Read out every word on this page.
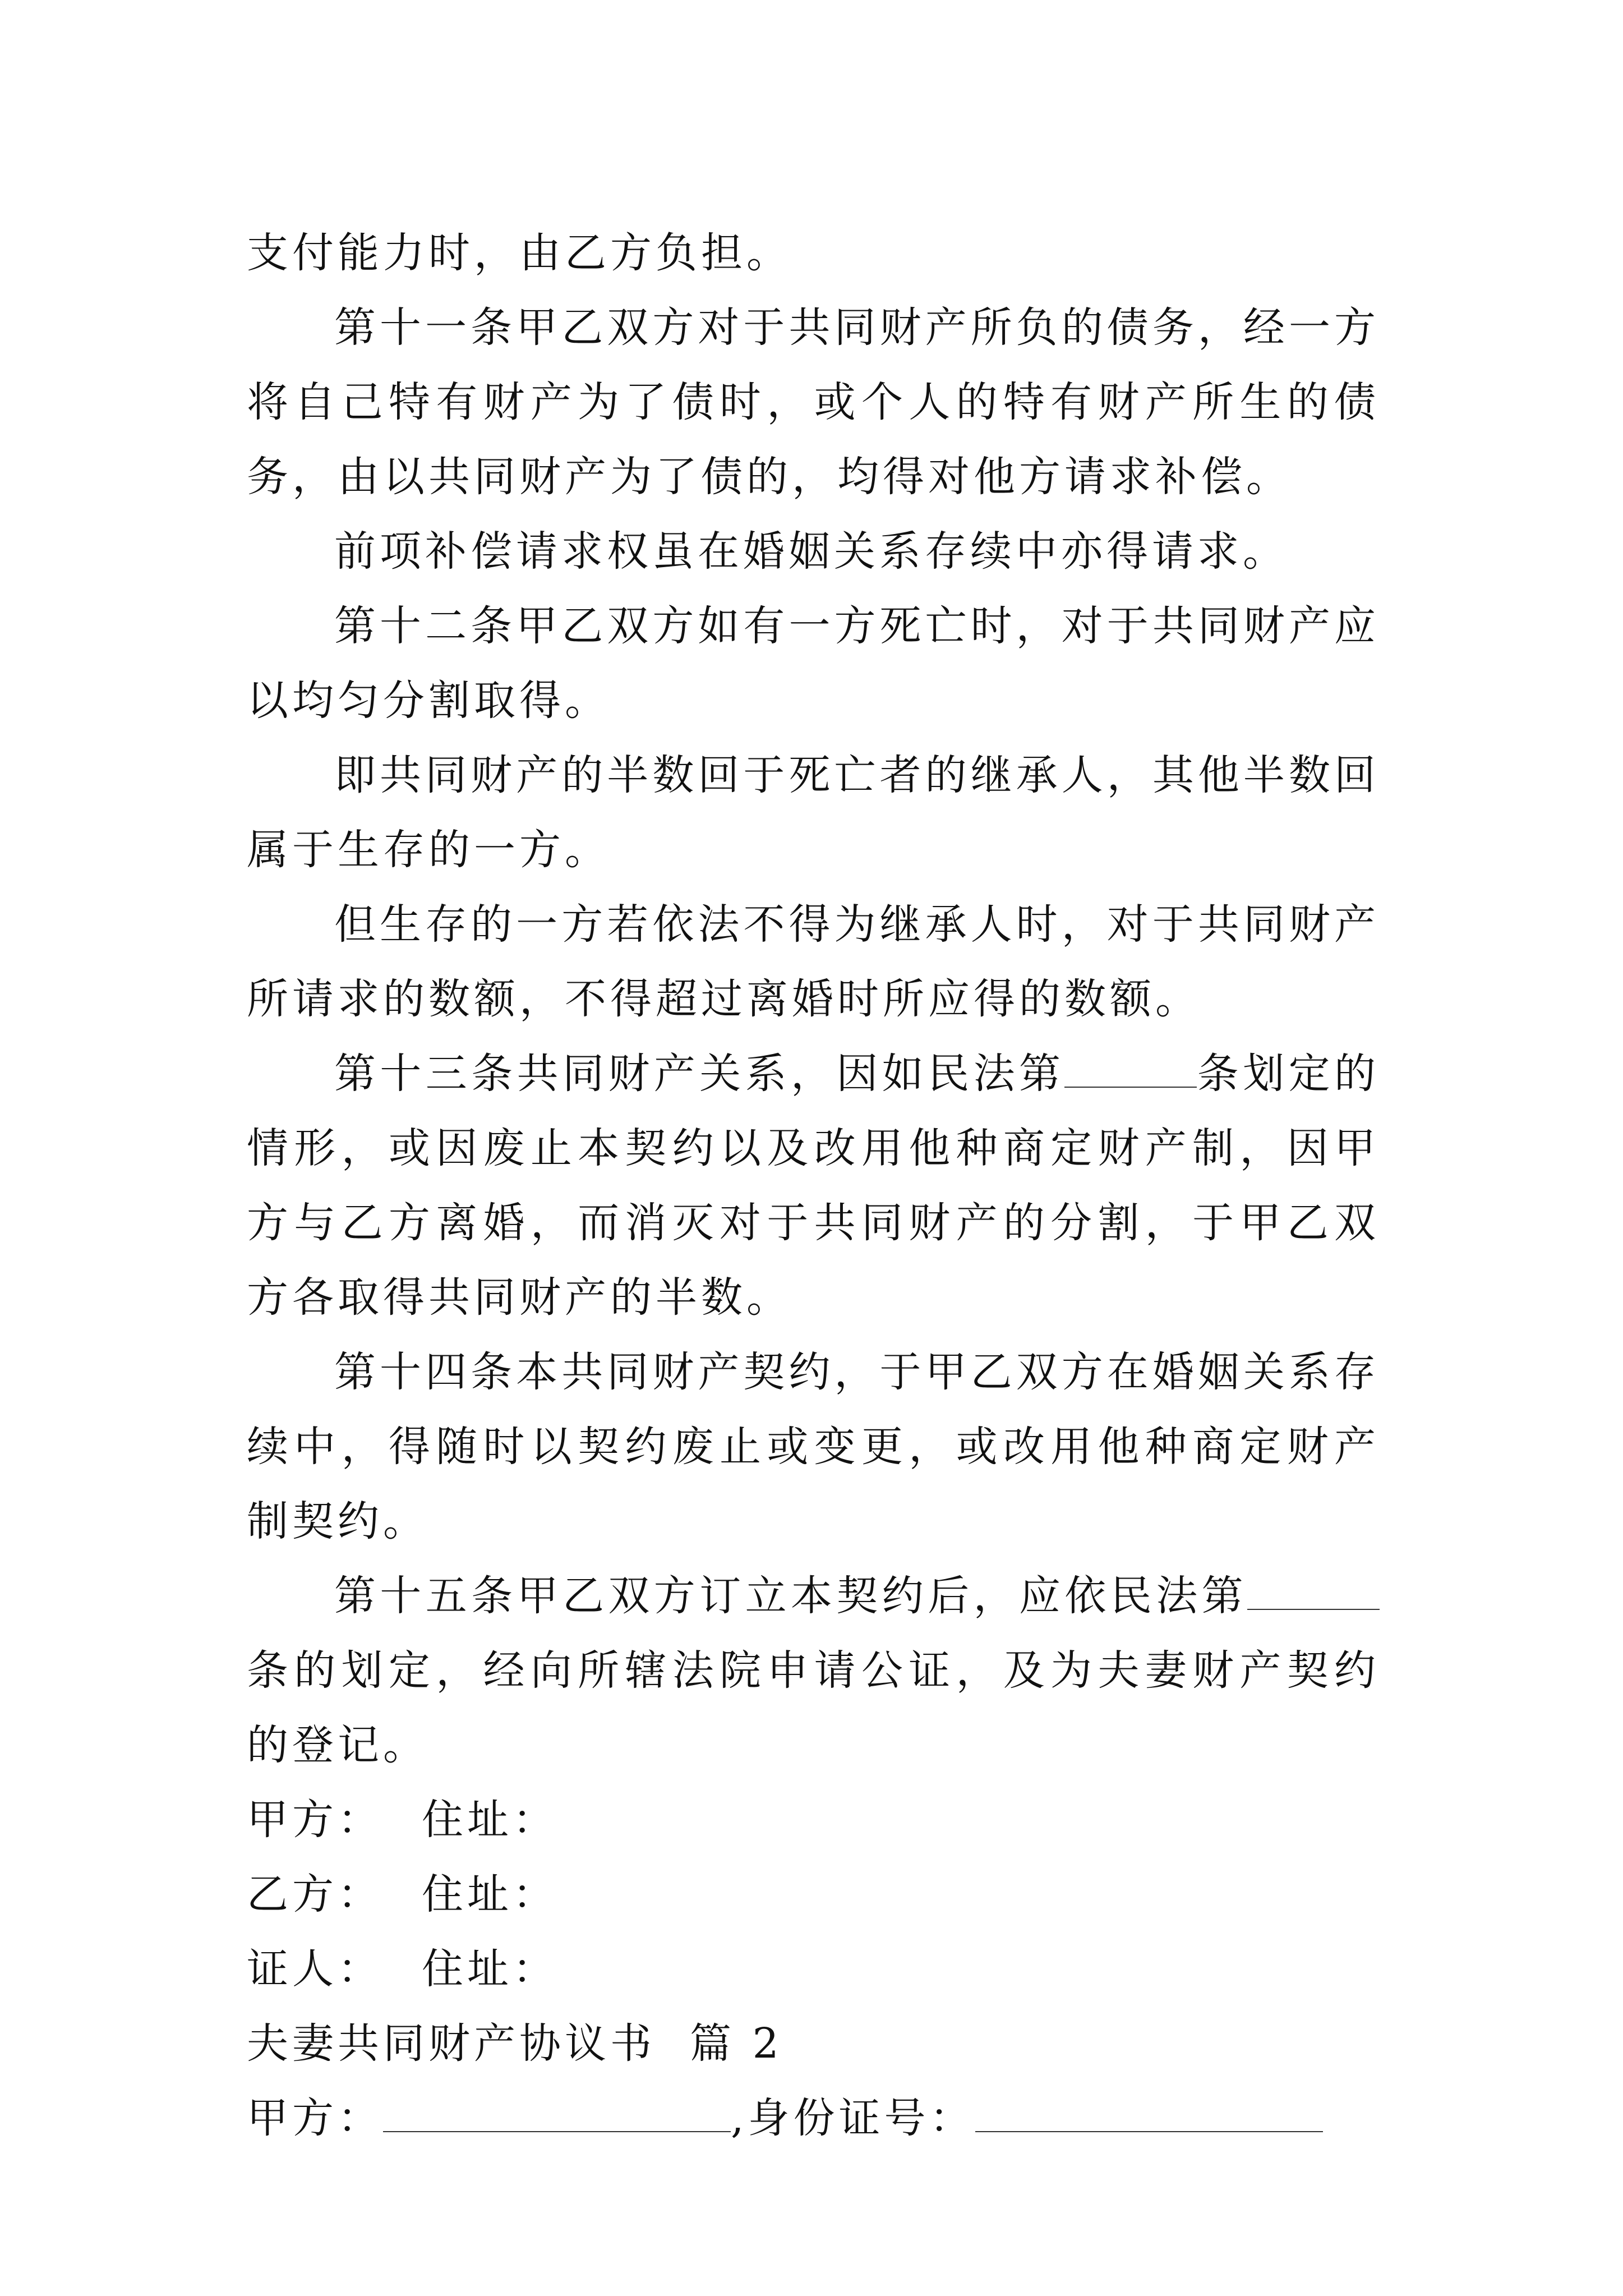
支付能力时，由乙方负担。

第十一条甲乙双方对于共同财产所负的债务，经一方将自己特有财产为了债时，或个人的特有财产所生的债务，由以共同财产为了债的，均得对他方请求补偿。

前项补偿请求权虽在婚姻关系存续中亦得请求。

第十二条甲乙双方如有一方死亡时，对于共同财产应以均匀分割取得。

即共同财产的半数回于死亡者的继承人，其他半数回属于生存的一方。

但生存的一方若依法不得为继承人时，对于共同财产所请求的数额，不得超过离婚时所应得的数额。

第十三条共同财产关系，因如民法第	条划定的情形，或因废止本契约以及改用他种商定财产制，因甲方与乙方离婚，而消灭对于共同财产的分割，于甲乙双方各取得共同财产的半数。

第十四条本共同财产契约，于甲乙双方在婚姻关系存续中，得随时以契约废止或变更，或改用他种商定财产制契约。

第十五条甲乙双方订立本契约后，应依民法第条的划定，经向所辖法院申请公证，及为夫妻财产契约的登记。

甲方： 住址：

乙方： 住址：

证人： 住址：

夫妻共同财产协议书  篇 2

甲方：	,身份证号：
